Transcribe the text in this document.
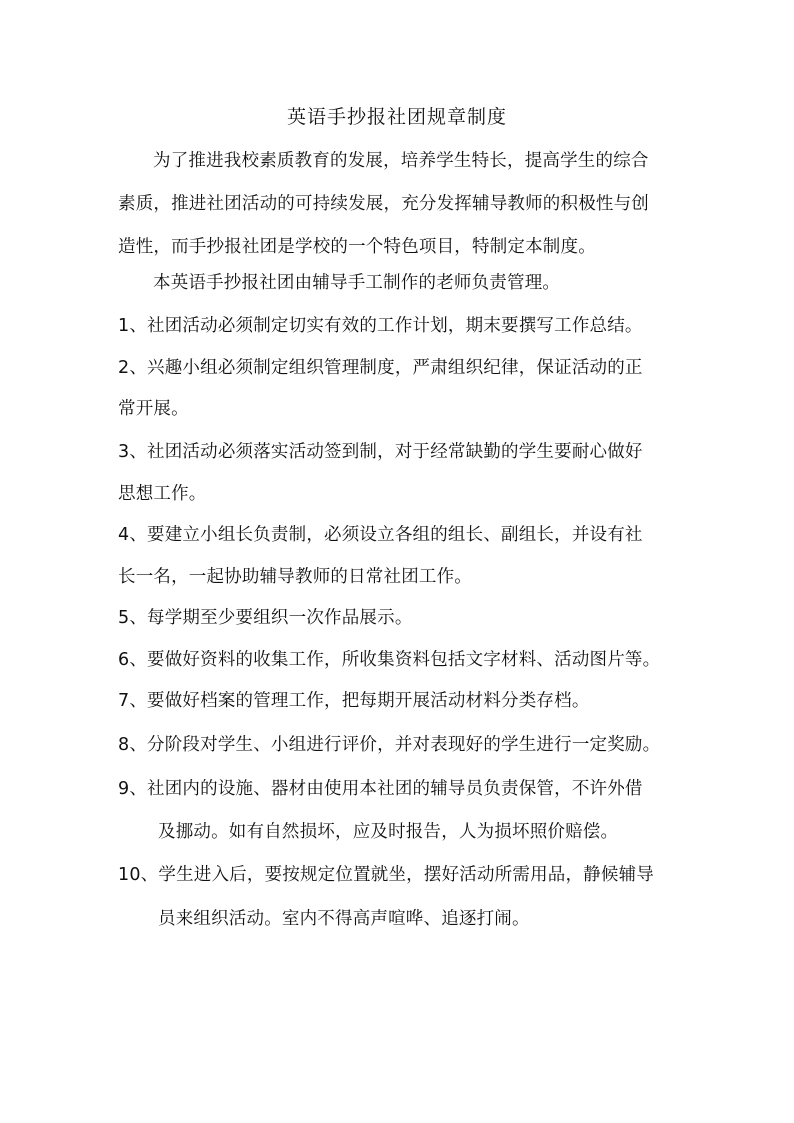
英语手抄报社团规章制度

为了推进我校素质教育的发展，培养学生特长，提高学生的综合

素质，推进社团活动的可持续发展，充分发挥辅导教师的积极性与创

造性，而手抄报社团是学校的一个特色项目，特制定本制度。

本英语手抄报社团由辅导手工制作的老师负责管理。

1、社团活动必须制定切实有效的工作计划，期末要撰写工作总结。

2、兴趣小组必须制定组织管理制度，严肃组织纪律，保证活动的正

常开展。

3、社团活动必须落实活动签到制，对于经常缺勤的学生要耐心做好

思想工作。

4、要建立小组长负责制，必须设立各组的组长、副组长，并设有社

长一名，一起协助辅导教师的日常社团工作。

5、每学期至少要组织一次作品展示。

6、要做好资料的收集工作，所收集资料包括文字材料、活动图片等。

7、要做好档案的管理工作，把每期开展活动材料分类存档。

8、分阶段对学生、小组进行评价，并对表现好的学生进行一定奖励。

9、社团内的设施、器材由使用本社团的辅导员负责保管，不许外借

及挪动。如有自然损坏，应及时报告，人为损坏照价赔偿。

10、学生进入后，要按规定位置就坐，摆好活动所需用品，静候辅导

员来组织活动。室内不得高声喧哗、追逐打闹。
